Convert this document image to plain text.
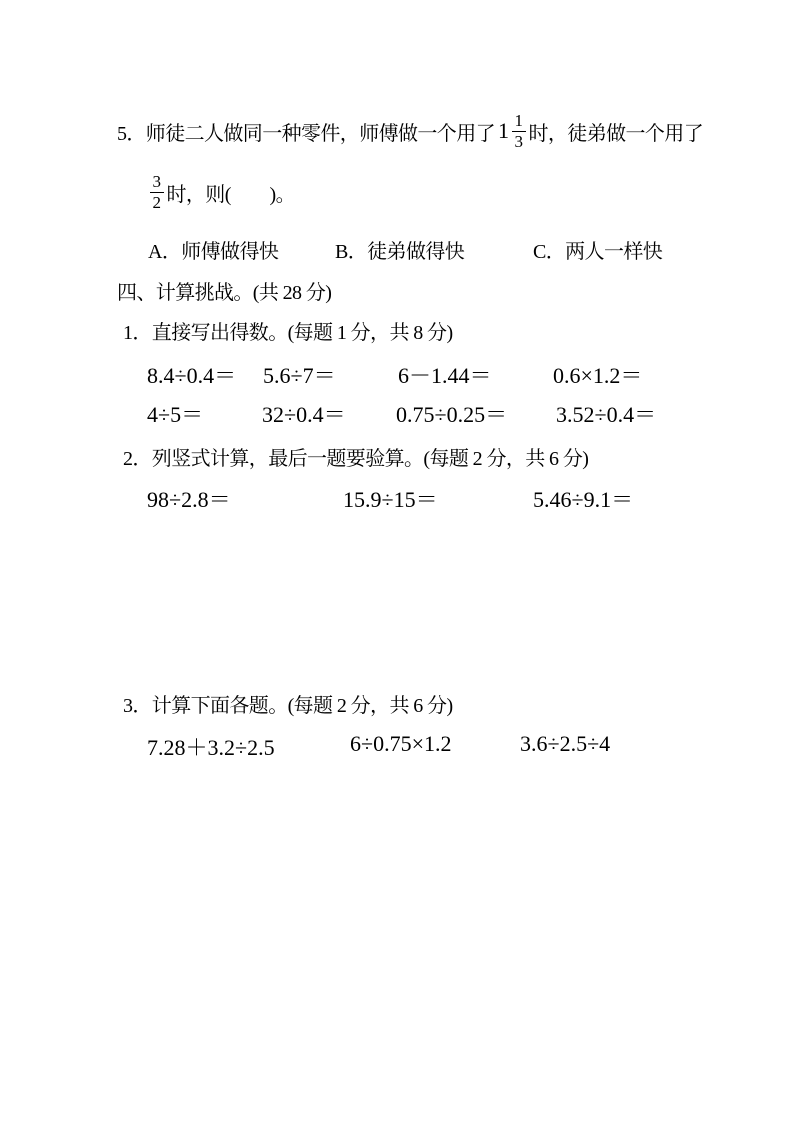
5．师徒二人做同一种零件，师傅做一个用了 $1 \frac{1}{3}$ 时，徒弟做一个用了
$\frac{3}{2}$ 时，则(　　)。
A．师傅做得快	B．徒弟做得快	C．两人一样快
四、计算挑战。(共 28 分)
1．直接写出得数。(每题 1 分，共 8 分)
8.4÷0.4＝ 5.6÷7＝	6－1.44＝	0.6×1.2＝
4÷5＝	32÷0.4＝ 0.75÷0.25＝ 3.52÷0.4＝
2．列竖式计算，最后一题要验算。(每题 2 分，共 6 分)
98÷2.8＝	15.9÷15＝	5.46÷9.1＝
3．计算下面各题。(每题 2 分，共 6 分)
7.28＋3.2÷2.5	6÷0.75×1.2	3.6÷2.5÷4
